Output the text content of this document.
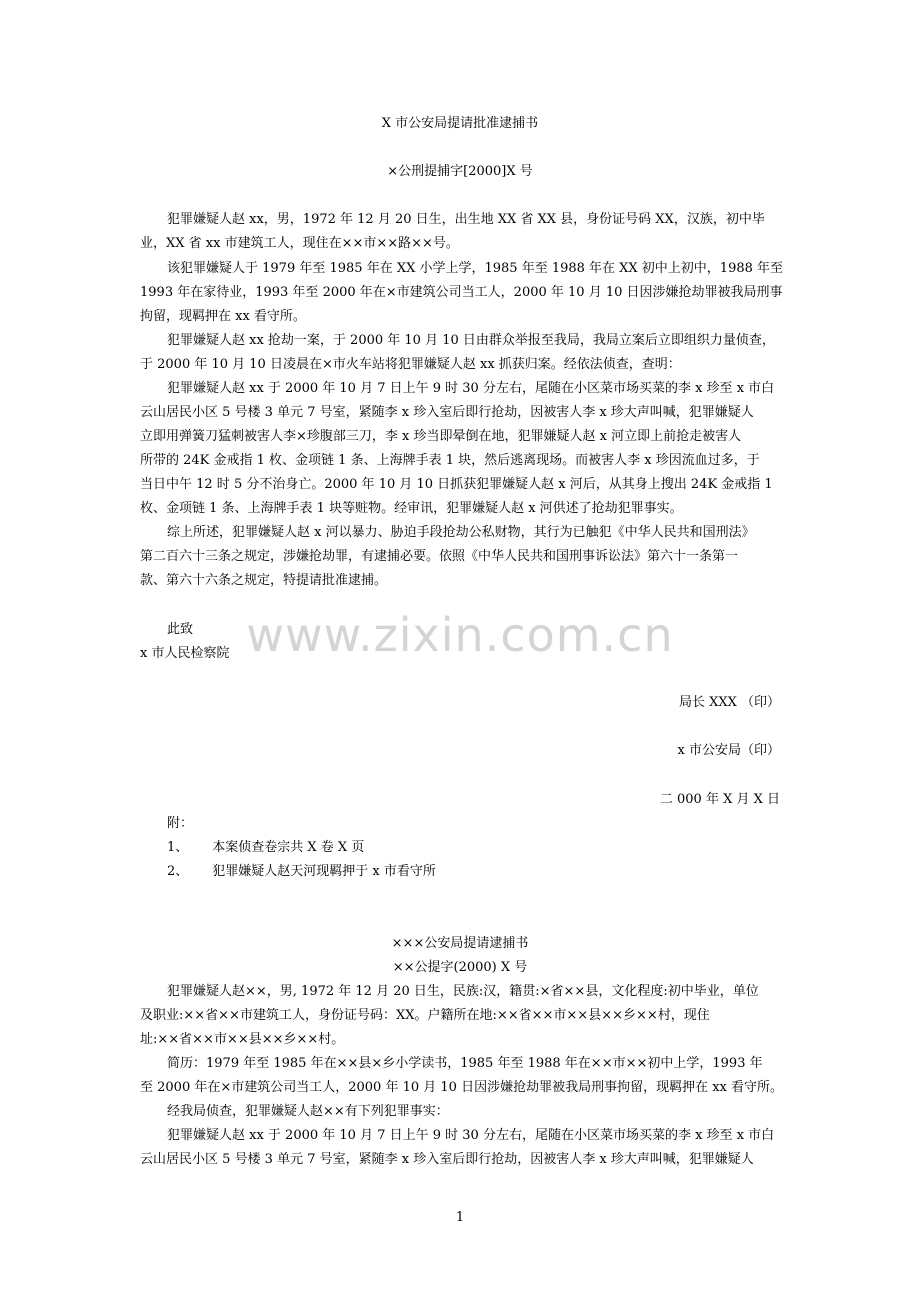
www.zixin.com.cn
X 市公安局提请批准逮捕书
×公刑提捕字[2000]X 号
犯罪嫌疑人赵 xx，男，1972 年 12 月 20 日生，出生地 XX 省 XX 县，身份证号码 XX，汉族，初中毕
业，XX 省 xx 市建筑工人，现住在××市××路××号。
该犯罪嫌疑人于 1979 年至 1985 年在 XX 小学上学，1985 年至 1988 年在 XX 初中上初中，1988 年至
1993 年在家待业，1993 年至 2000 年在×市建筑公司当工人，2000 年 10 月 10 日因涉嫌抢劫罪被我局刑事
拘留，现羁押在 xx 看守所。
犯罪嫌疑人赵 xx 抢劫一案，于 2000 年 10 月 10 日由群众举报至我局，我局立案后立即组织力量侦查，
于 2000 年 10 月 10 日凌晨在×市火车站将犯罪嫌疑人赵 xx 抓获归案。经依法侦查，查明：
犯罪嫌疑人赵 xx 于 2000 年 10 月 7 日上午 9 时 30 分左右，尾随在小区菜市场买菜的李 x 珍至 x 市白
云山居民小区 5 号楼 3 单元 7 号室，紧随李 x 珍入室后即行抢劫，因被害人李 x 珍大声叫喊，犯罪嫌疑人
立即用弹簧刀猛刺被害人李×珍腹部三刀，李 x 珍当即晕倒在地，犯罪嫌疑人赵 x 河立即上前抢走被害人
所带的 24K 金戒指 1 枚、金项链 1 条、上海牌手表 1 块，然后逃离现场。而被害人李 x 珍因流血过多，于
当日中午 12 时 5 分不治身亡。2000 年 10 月 10 日抓获犯罪嫌疑人赵 x 河后，从其身上搜出 24K 金戒指 1
枚、金项链 1 条、上海牌手表 1 块等赃物。经审讯，犯罪嫌疑人赵 x 河供述了抢劫犯罪事实。
综上所述，犯罪嫌疑人赵 x 河以暴力、胁迫手段抢劫公私财物，其行为已触犯《中华人民共和国刑法》
第二百六十三条之规定，涉嫌抢劫罪，有逮捕必要。依照《中华人民共和国刑事诉讼法》第六十一条第一
款、第六十六条之规定，特提请批准逮捕。
此致
x 市人民检察院
局长 XXX （印）
x 市公安局（印）
二 000 年 X 月 X 日
附：
1、 本案侦查卷宗共 X 卷 X 页
2、 犯罪嫌疑人赵天河现羁押于 x 市看守所
×××公安局提请逮捕书
××公提字(2000) X 号
犯罪嫌疑人赵××，男, 1972 年 12 月 20 日生，民族:汉，籍贯:×省××县，文化程度:初中毕业，单位
及职业:××省××市建筑工人，身份证号码：XX。户籍所在地:××省××市××县××乡××村，现住
址:××省××市××县××乡××村。
简历：1979 年至 1985 年在××县×乡小学读书，1985 年至 1988 年在××市××初中上学，1993 年
至 2000 年在×市建筑公司当工人，2000 年 10 月 10 日因涉嫌抢劫罪被我局刑事拘留，现羁押在 xx 看守所。
经我局侦查，犯罪嫌疑人赵××有下列犯罪事实：
犯罪嫌疑人赵 xx 于 2000 年 10 月 7 日上午 9 时 30 分左右，尾随在小区菜市场买菜的李 x 珍至 x 市白
云山居民小区 5 号楼 3 单元 7 号室，紧随李 x 珍入室后即行抢劫，因被害人李 x 珍大声叫喊，犯罪嫌疑人
1
